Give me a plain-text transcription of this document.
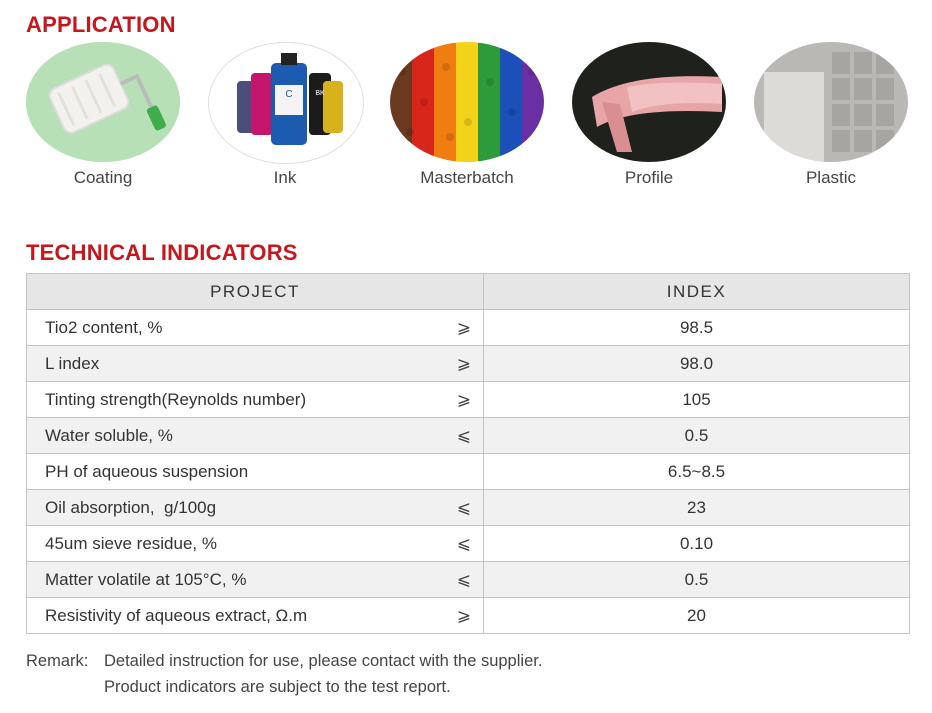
APPLICATION
Coating
C	BK
Ink	Masterbatch	Profile	Plastic
TECHNICAL INDICATORS
PROJECT	INDEX
Tio2 content, % ⩾	98.5
L index ⩾	98.0
Tinting strength(Reynolds number) ⩾	105
Water soluble, % ⩽	0.5
PH of aqueous suspension	6.5~8.5
Oil absorption,  g/100g ⩽	23
45um sieve residue, % ⩽	0.10
Matter volatile at 105°C, % ⩽	0.5
Resistivity of aqueous extract, Ω.m ⩾	20
Remark: Detailed instruction for use, please contact with the supplier.
Product indicators are subject to the test report.
